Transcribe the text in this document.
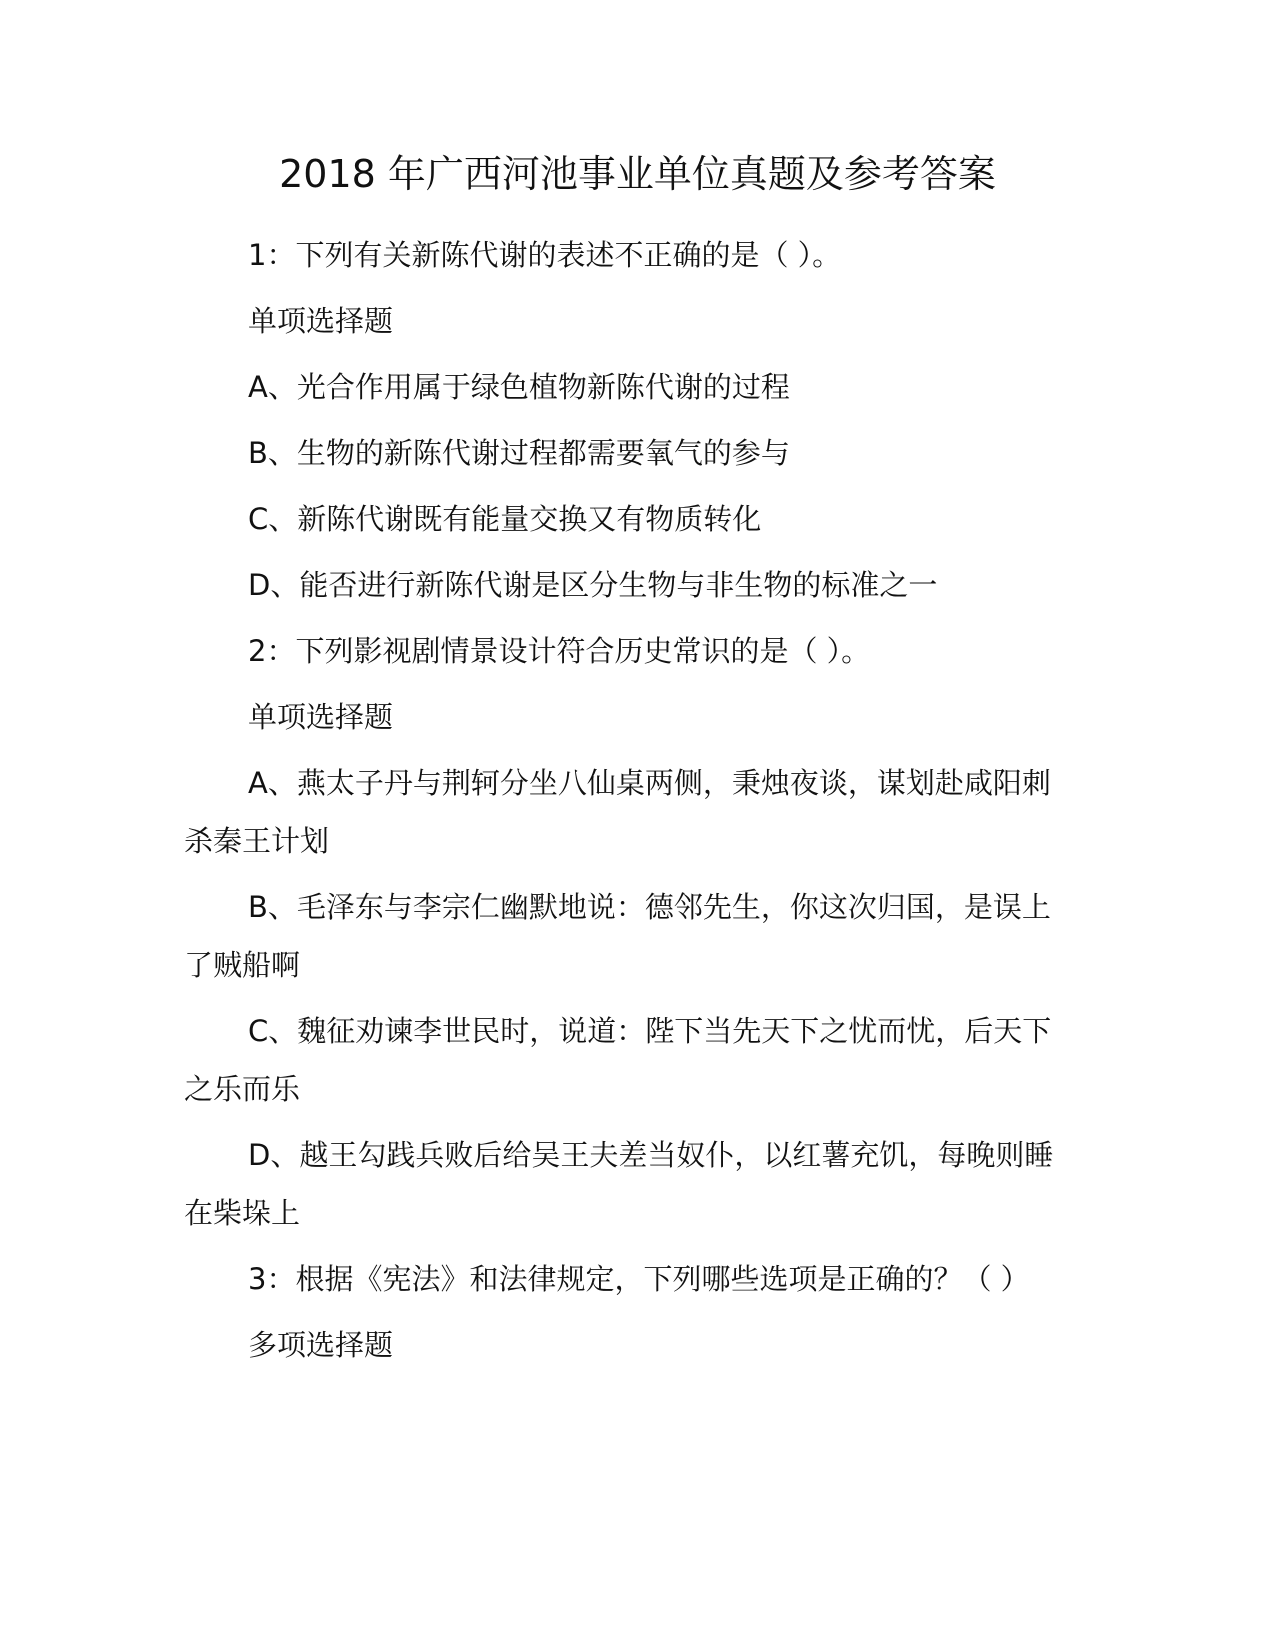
2018 年广西河池事业单位真题及参考答案

1：下列有关新陈代谢的表述不正确的是（ ）。

单项选择题

A、光合作用属于绿色植物新陈代谢的过程

B、生物的新陈代谢过程都需要氧气的参与

C、新陈代谢既有能量交换又有物质转化

D、能否进行新陈代谢是区分生物与非生物的标准之一

2：下列影视剧情景设计符合历史常识的是（ ）。

单项选择题

A、燕太子丹与荆轲分坐八仙桌两侧，秉烛夜谈，谋划赴咸阳刺杀秦王计划

B、毛泽东与李宗仁幽默地说：德邻先生，你这次归国，是误上了贼船啊

C、魏征劝谏李世民时，说道：陛下当先天下之忧而忧，后天下之乐而乐

D、越王勾践兵败后给吴王夫差当奴仆，以红薯充饥，每晚则睡在柴垛上

3：根据《宪法》和法律规定，下列哪些选项是正确的？（ ）

多项选择题
